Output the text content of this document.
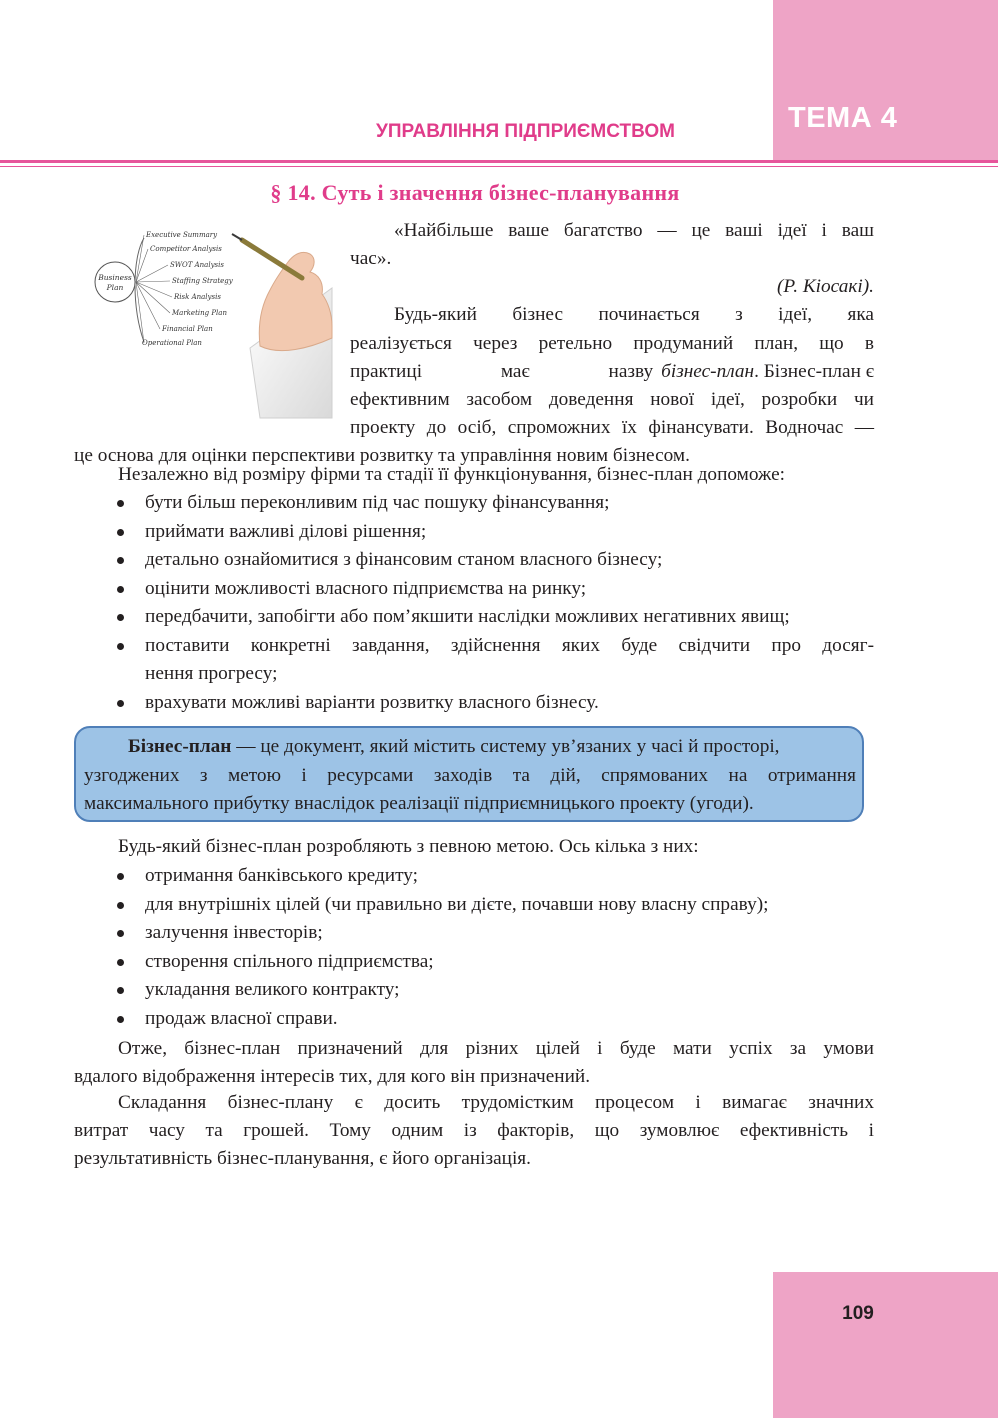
ТЕМА 4
УПРАВЛІННЯ ПІДПРИЄМСТВОМ
§ 14. Суть і значення бізнес-планування
Business
Plan
Executive Summary
Competitor Analysis
SWOT Analysis
Staffing Strategy
Risk Analysis
Marketing Plan
Financial Plan
Operational Plan
«Найбільше ваше багатство — це ваші ідеї і ваш
час».
(Р. Кіосакі).
Будь-який бізнес починається з ідеї, яка
реалізується через ретельно продуманий план, що в
практиці має назву бізнес-план. Бізнес-план є
ефективним засобом доведення нової ідеї, розробки чи
проекту до осіб, спроможних їх фінансувати. Водночас —
це основа для оцінки перспективи розвитку та управління новим бізнесом.
Незалежно від розміру фірми та стадії її функціонування, бізнес-план допоможе:
бути більш переконливим під час пошуку фінансування;
приймати важливі ділові рішення;
детально ознайомитися з фінансовим станом власного бізнесу;
оцінити можливості власного підприємства на ринку;
передбачити, запобігти або пом’якшити наслідки можливих негативних явищ;
поставити конкретні завдання, здійснення яких буде свідчити про досяг-
нення прогресу;
врахувати можливі варіанти розвитку власного бізнесу.
Бізнес-план — це документ, який містить систему ув’язаних у часі й просторі,
узгоджених з метою і ресурсами заходів та дій, спрямованих на отримання
максимального прибутку внаслідок реалізації підприємницького проекту (угоди).
Будь-який бізнес-план розробляють з певною метою. Ось кілька з них:
отримання банківського кредиту;
для внутрішніх цілей (чи правильно ви дієте, почавши нову власну справу);
залучення інвесторів;
створення спільного підприємства;
укладання великого контракту;
продаж власної справи.
Отже, бізнес-план призначений для різних цілей і буде мати успіх за умови
вдалого відображення інтересів тих, для кого він призначений.
Складання бізнес-плану є досить трудомістким процесом і вимагає значних
витрат часу та грошей. Тому одним із факторів, що зумовлює ефективність і
результативність бізнес-планування, є його організація.
109
